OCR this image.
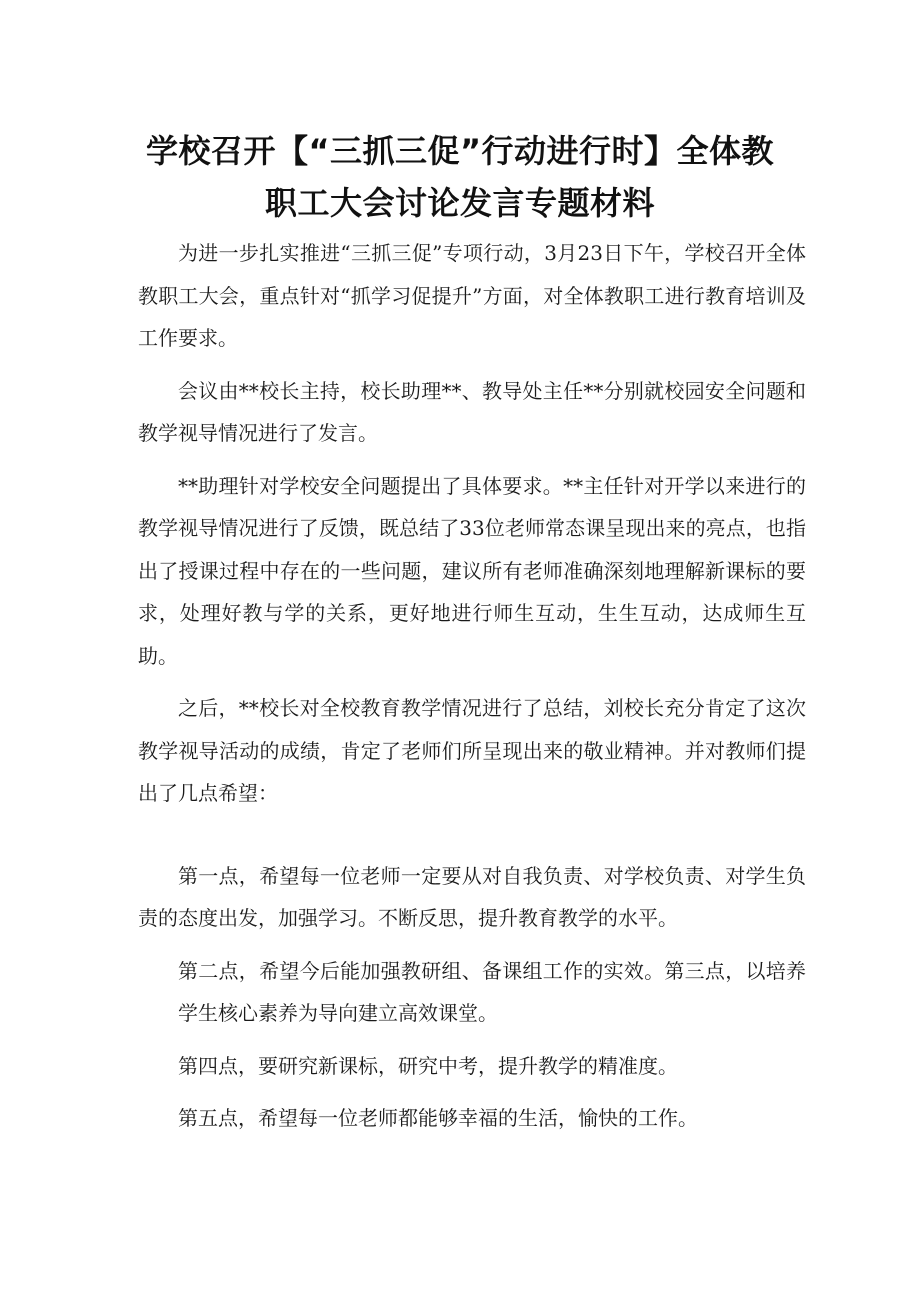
学校召开【“三抓三促”行动进行时】全体教
职工大会讨论发言专题材料

为进一步扎实推进“三抓三促”专项行动，3月23日下午，学校召开全体教职工大会，重点针对“抓学习促提升”方面，对全体教职工进行教育培训及工作要求。

会议由**校长主持，校长助理**、教导处主任**分别就校园安全问题和教学视导情况进行了发言。

**助理针对学校安全问题提出了具体要求。**主任针对开学以来进行的教学视导情况进行了反馈，既总结了33位老师常态课呈现出来的亮点，也指出了授课过程中存在的一些问题，建议所有老师准确深刻地理解新课标的要求，处理好教与学的关系，更好地进行师生互动，生生互动，达成师生互助。

之后，**校长对全校教育教学情况进行了总结，刘校长充分肯定了这次教学视导活动的成绩，肯定了老师们所呈现出来的敬业精神。并对教师们提出了几点希望：

第一点，希望每一位老师一定要从对自我负责、对学校负责、对学生负责的态度出发，加强学习。不断反思，提升教育教学的水平。

第二点，希望今后能加强教研组、备课组工作的实效。第三点，以培养学生核心素养为导向建立高效课堂。

第四点，要研究新课标，研究中考，提升教学的精准度。

第五点，希望每一位老师都能够幸福的生活，愉快的工作。
